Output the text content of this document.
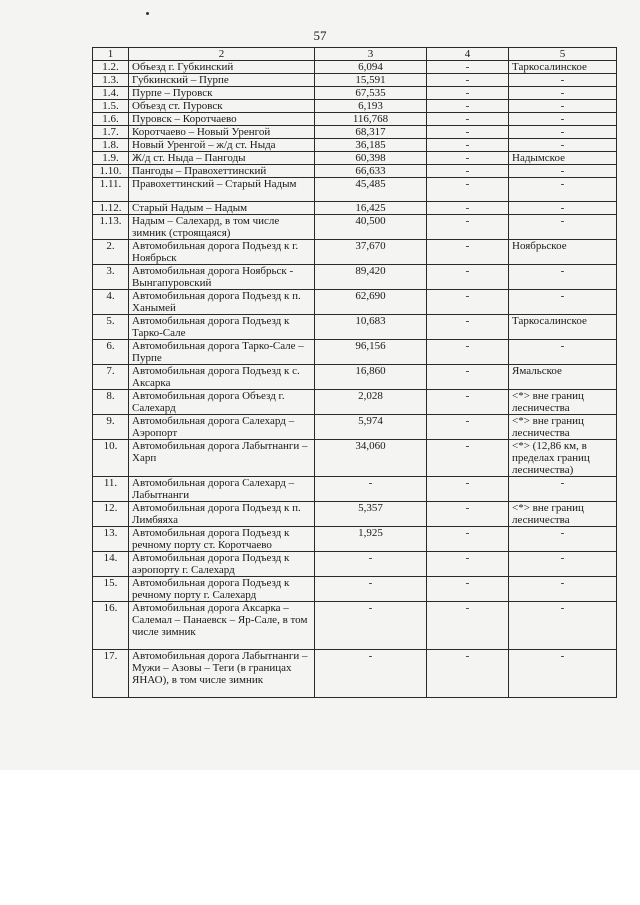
57
1	2	3	4	5
1.2.	Объезд г. Губкинский	6,094	-	Таркосалинское
1.3.	Губкинский – Пурпе	15,591	-	-
1.4.	Пурпе – Пуровск	67,535	-	-
1.5.	Объезд ст. Пуровск	6,193	-	-
1.6.	Пуровск – Коротчаево	116,768	-	-
1.7.	Коротчаево – Новый Уренгой	68,317	-	-
1.8.	Новый Уренгой – ж/д ст. Ныда	36,185	-	-
1.9.	Ж/д ст. Ныда – Пангоды	60,398	-	Надымское
1.10.	Пангоды – Правохеттинский	66,633	-	-
1.11.	Правохеттинский – Старый Надым	45,485	-	-
1.12.	Старый Надым – Надым	16,425	-	-
1.13.	Надым – Салехард, в том числе зимник (строящаяся)	40,500	-	-
2.	Автомобильная дорога Подъезд к г. Ноябрьск	37,670	-	Ноябрьское
3.	Автомобильная дорога Ноябрьск - Вынгапуровский	89,420	-	-
4.	Автомобильная дорога Подъезд к п. Ханымей	62,690	-	-
5.	Автомобильная дорога Подъезд к Тарко-Сале	10,683	-	Таркосалинское
6.	Автомобильная дорога Тарко-Сале – Пурпе	96,156	-	-
7.	Автомобильная дорога Подъезд к с. Аксарка	16,860	-	Ямальское
8.	Автомобильная дорога Объезд г. Салехард	2,028	-	<*> вне границ лесничества
9.	Автомобильная дорога Салехард – Аэропорт	5,974	-	<*> вне границ лесничества
10.	Автомобильная дорога Лабытнанги – Харп	34,060	-	<*> (12,86 км, в пределах границ лесничества)
11.	Автомобильная дорога Салехард – Лабытнанги	-	-	-
12.	Автомобильная дорога Подъезд к п. Лимбяяха	5,357	-	<*> вне границ лесничества
13.	Автомобильная дорога Подъезд к речному порту ст. Коротчаево	1,925	-	-
14.	Автомобильная дорога Подъезд к аэропорту г. Салехард	-	-	-
15.	Автомобильная дорога Подъезд к речному порту г. Салехард	-	-	-
16.	Автомобильная дорога Аксарка – Салемал – Панаевск – Яр-Сале, в том числе зимник	-	-	-
17.	Автомобильная дорога Лабытнанги – Мужи – Азовы – Теги (в границах ЯНАО), в том числе зимник	-	-	-
